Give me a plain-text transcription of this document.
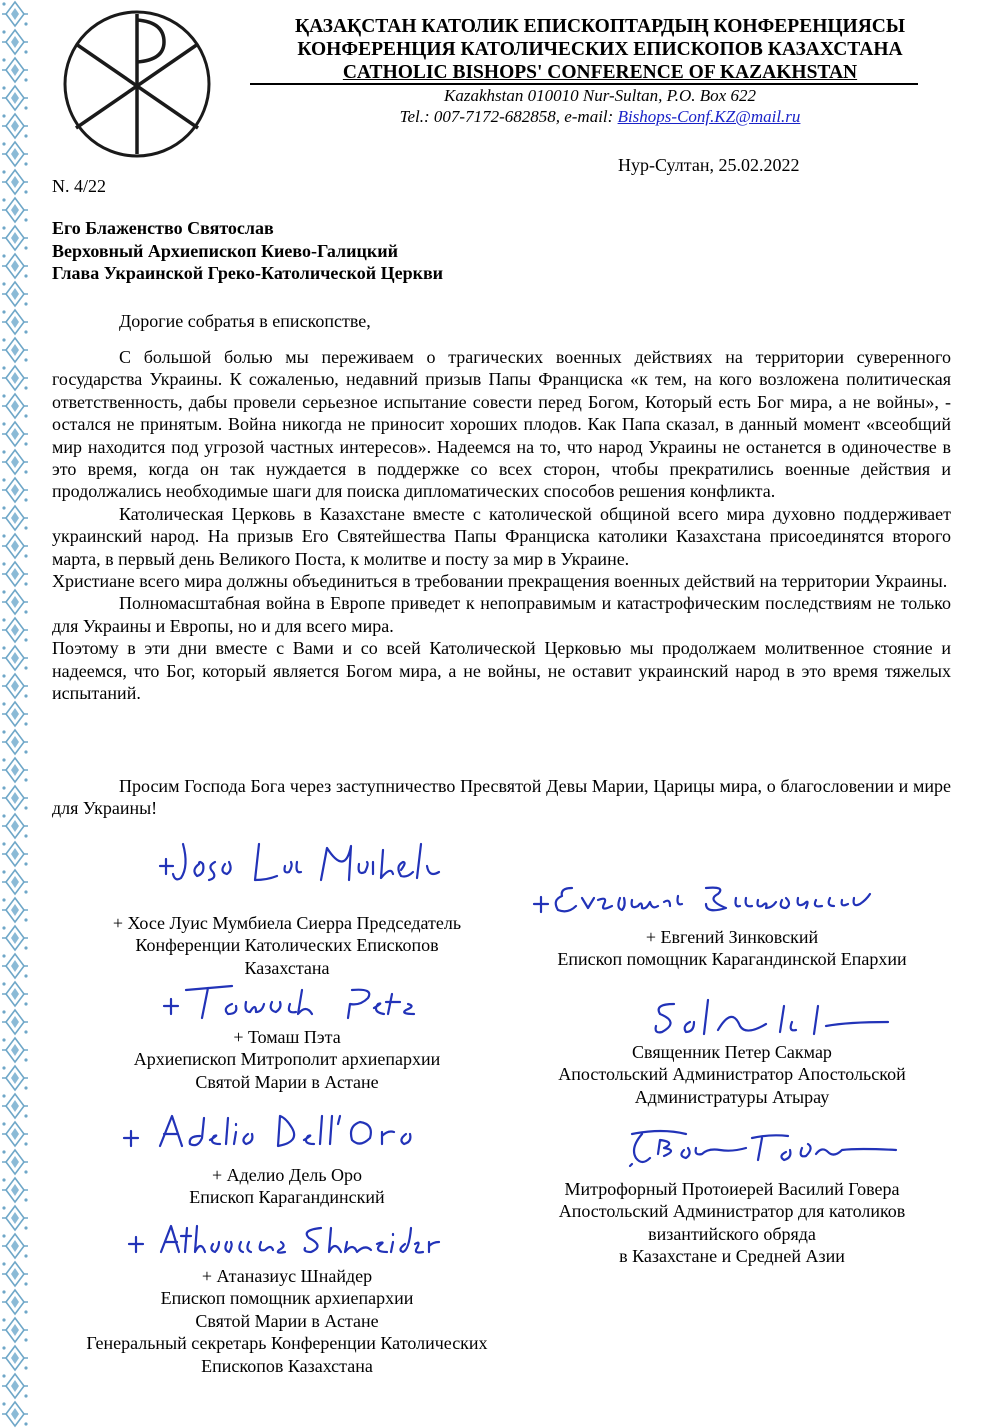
ҚАЗАҚСТАН КАТОЛИК ЕПИСКОПТАРДЫҢ КОНФЕРЕНЦИЯСЫ
КОНФЕРЕНЦИЯ КАТОЛИЧЕСКИХ ЕПИСКОПОВ КАЗАХСТАНА
CATHOLIC BISHOPS' CONFERENCE OF KAZAKHSTAN
Kazakhstan 010010 Nur-Sultan, P.O. Box 622
Tel.: 007-7172-682858, e-mail: Bishops-Conf.KZ@mail.ru
Нур-Султан, 25.02.2022
N. 4/22
Его Блаженство Святослав
Верховный Архиепископ Киево-Галицкий
Глава Украинской Греко-Католической Церкви
Дорогие собратья в епископстве,

С большой болью мы переживаем о трагических военных действиях на территории суверенного государства Украины. К сожаленью, недавний призыв Папы Франциска «к тем, на кого возложена политическая ответственность, дабы провели серьезное испытание совести перед Богом, Который есть Бог мира, а не войны», - остался не принятым. Война никогда не приносит хороших плодов. Как Папа сказал, в данный момент «всеобщий мир находится под угрозой частных интересов». Надеемся на то, что народ Украины не останется в одиночестве в это время, когда он так нуждается в поддержке со всех сторон, чтобы прекратились военные действия и продолжались необходимые шаги для поиска дипломатических способов решения конфликта.

Католическая Церковь в Казахстане вместе с католической общиной всего мира духовно поддерживает украинский народ. На призыв Его Святейшества Папы Франциска католики Казахстана присоединятся второго марта, в первый день Великого Поста, к молитве и посту за мир в Украине.

Христиане всего мира должны объединиться в требовании прекращения военных действий на территории Украины.

Полномасштабная война в Европе приведет к непоправимым и катастрофическим последствиям не только для Украины и Европы, но и для всего мира.

Поэтому в эти дни вместе с Вами и со всей Католической Церковью мы продолжаем молитвенное стояние и надеемся, что Бог, который является Богом мира, а не войны, не оставит украинский народ в это время тяжелых испытаний.

Просим Господа Бога через заступничество Пресвятой Девы Марии, Царицы мира, о благословении и мире для Украины!
+ Хосе Луис Мумбиела Сиерра Председатель
Конференции Католических Епископов
Казахстана
+ Томаш Пэта
Архиепископ Митрополит архиепархии
Святой Марии в Астане
+ Аделио Дель Оро
Епископ Карагандинский
+ Атаназиус Шнайдер
Епископ помощник архиепархии
Святой Марии в Астане
Генеральный секретарь Конференции Католических
Епископов Казахстана
+ Евгений Зинковский
Епископ помощник Карагандинской Епархии
Священник Петер Сакмар
Апостольский Администратор Апостольской
Администратуры Атырау
Митрофорный Протоиерей Василий Говера
Апостольский Администратор для католиков
византийского обряда
в Казахстане и Средней Азии
